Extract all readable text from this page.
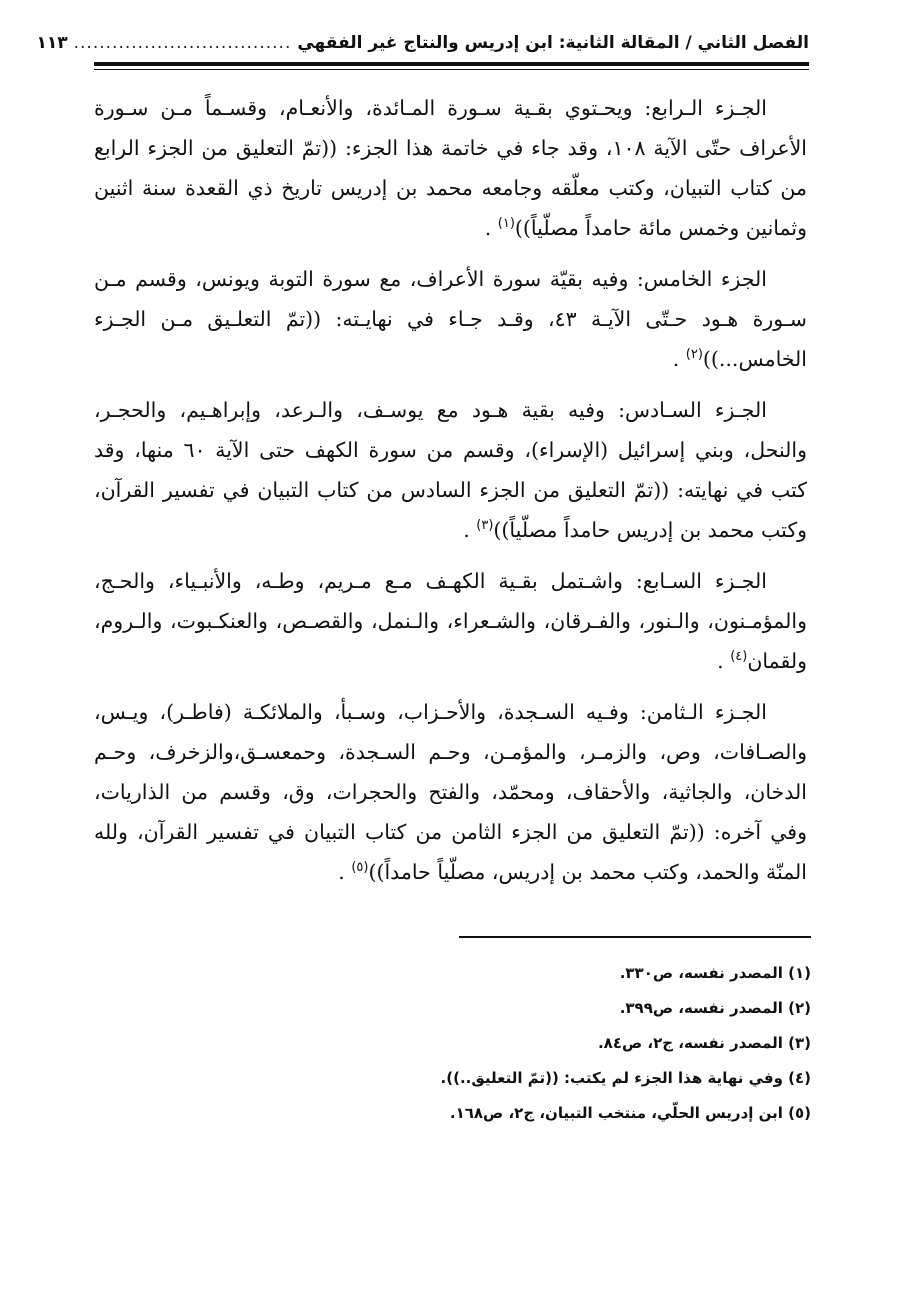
الفصل الثاني / المقالة الثانية: ابن إدريس والنتاج غير الفقهي
..................................
١١٣

الجـزء الـرابع: ويحـتوي بقـية سـورة المـائدة، والأنعـام، وقسـماً مـن سـورة الأعراف حتّى الآية ١٠٨، وقد جاء في خاتمة هذا الجزء: ((تمّ التعليق من الجزء الرابع من كتاب التبيان، وكتب معلّقه وجامعه محمد بن إدريس تاريخ ذي القعدة سنة اثنين وثمانين وخمس مائة حامداً مصلّياً))$^{(١)}$ .

الجزء الخامس: وفيه بقيّة سورة الأعراف، مع سورة التوبة ويونس، وقسم مـن سـورة هـود حـتّى الآيـة ٤٣، وقـد جـاء في نهايـته: ((تمّ التعلـيق مـن الجـزء الخامس...))$^{(٢)}$ .

الجـزء السـادس: وفيه بقية هـود مع يوسـف، والـرعد، وإبراهـيم، والحجـر، والنحل، وبني إسرائيل (الإسراء)، وقسم من سورة الكهف حتى الآية ٦٠ منها، وقد كتب في نهايته: ((تمّ التعليق من الجزء السادس من كتاب التبيان في تفسير القرآن، وكتب محمد بن إدريس حامداً مصلّياً))$^{(٣)}$ .

الجـزء السـابع: واشـتمل بقـية الكهـف مـع مـريم، وطـه، والأنبـياء، والحـج، والمؤمـنون، والـنور، والفـرقان، والشـعراء، والـنمل، والقصـص، والعنكـبوت، والـروم، ولقمان$^{(٤)}$ .

الجـزء الـثامن: وفـيه السـجدة، والأحـزاب، وسـبأ، والملائكـة (فاطـر)، ويـس، والصـافات، وص، والزمـر، والمؤمـن، وحـم السـجدة، وحمعسـق،والزخرف، وحـم الدخان، والجاثية، والأحقاف، ومحمّد، والفتح والحجرات، وق، وقسم من الذاريات، وفي آخره: ((تمّ التعليق من الجزء الثامن من كتاب التبيان في تفسير القرآن، ولله المنّة والحمد، وكتب محمد بن إدريس، مصلّياً حامداً))$^{(٥)}$ .

(١) المصدر نفسه، ص٣٣٠.
(٢) المصدر نفسه، ص٣٩٩.
(٣) المصدر نفسه، ج٢، ص٨٤.
(٤) وفي نهاية هذا الجزء لم يكتب: ((تمّ التعليق..)).
(٥) ابن إدريس الحلّي، منتخب التبيان، ج٢، ص١٦٨.
